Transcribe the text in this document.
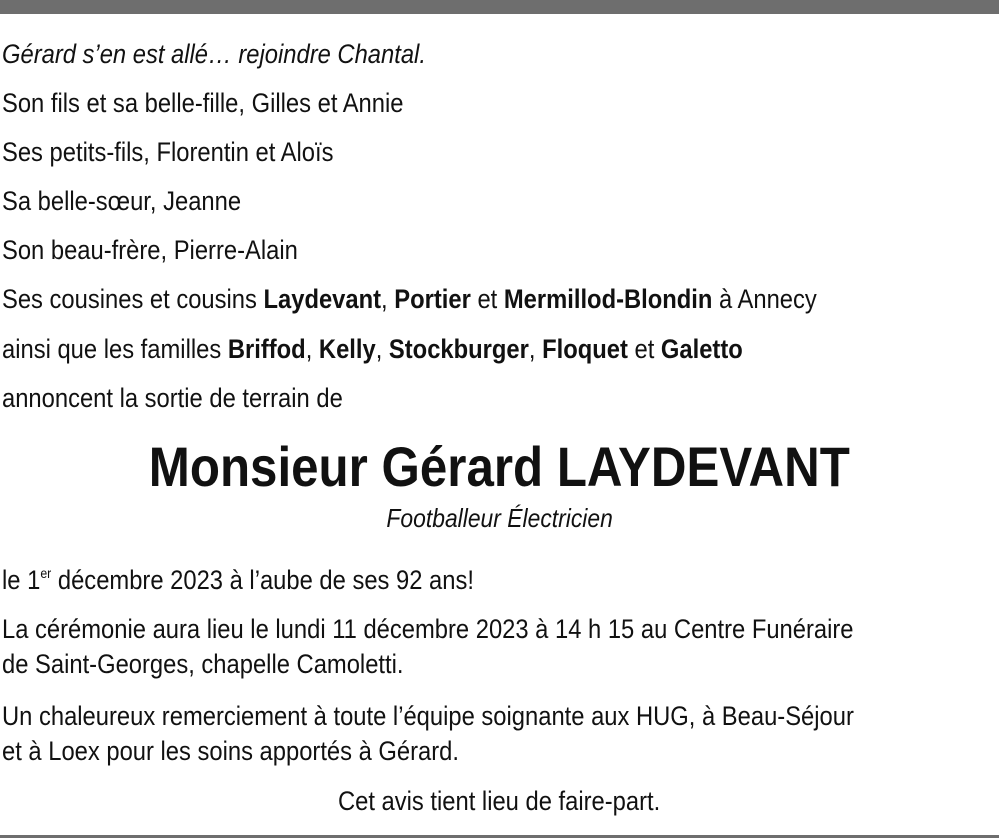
Gérard s’en est allé… rejoindre Chantal.
Son fils et sa belle-fille, Gilles et Annie
Ses petits-fils, Florentin et Aloïs
Sa belle-sœur, Jeanne
Son beau-frère, Pierre-Alain
Ses cousines et cousins Laydevant, Portier et Mermillod-Blondin à Annecy
ainsi que les familles Briffod, Kelly, Stockburger, Floquet et Galetto
annoncent la sortie de terrain de
Monsieur Gérard LAYDEVANT
Footballeur Électricien
le 1er décembre 2023 à l’aube de ses 92 ans!
La cérémonie aura lieu le lundi 11 décembre 2023 à 14 h 15 au Centre Funéraire
de Saint-Georges, chapelle Camoletti.
Un chaleureux remerciement à toute l’équipe soignante aux HUG, à Beau-Séjour
et à Loex pour les soins apportés à Gérard.
Cet avis tient lieu de faire-part.
